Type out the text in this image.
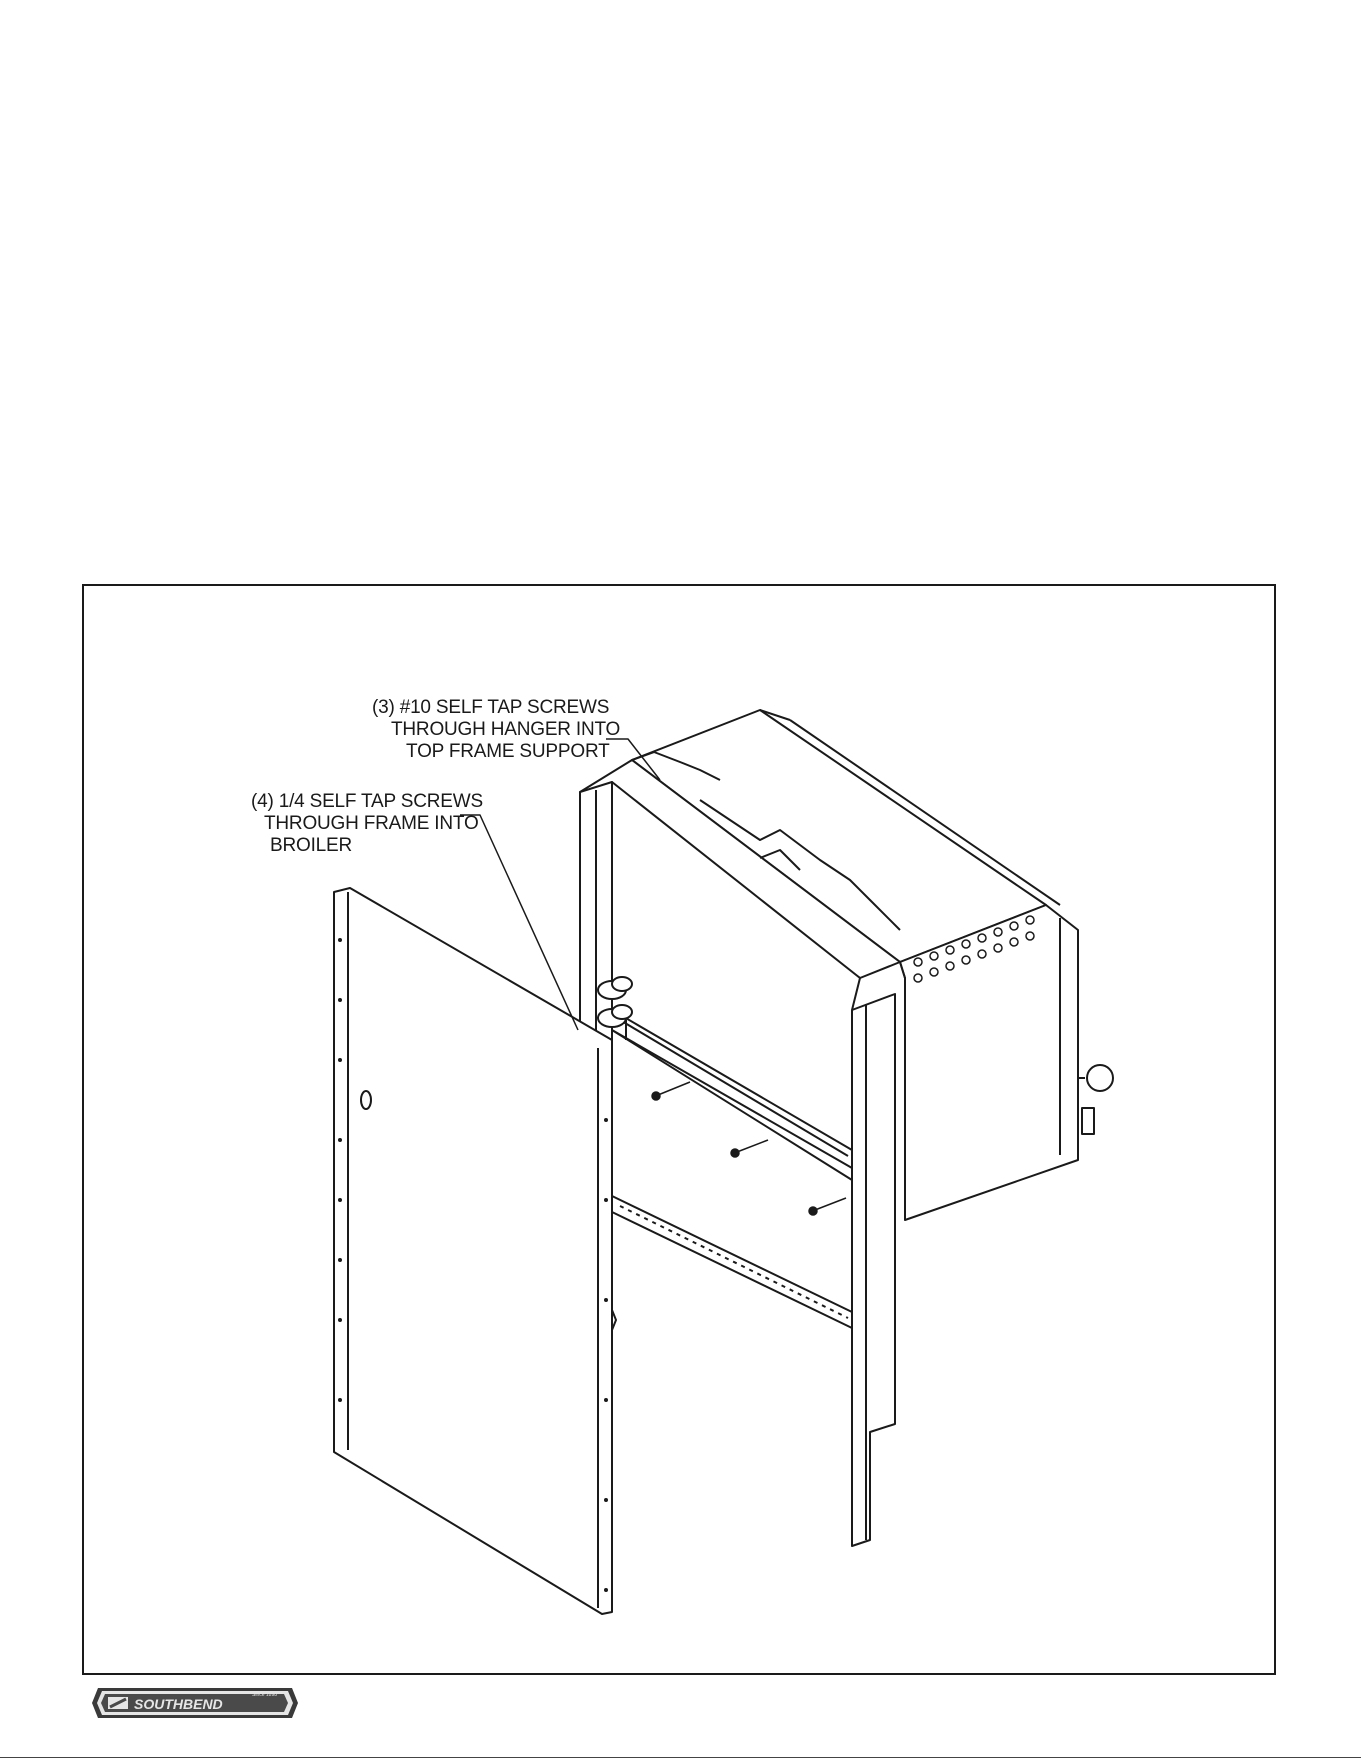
(3) #10 SELF TAP SCREWS
THROUGH HANGER INTO
TOP FRAME SUPPORT
(4) 1/4 SELF TAP SCREWS
THROUGH FRAME INTO
BROILER
SOUTHBEND
Since 1898
